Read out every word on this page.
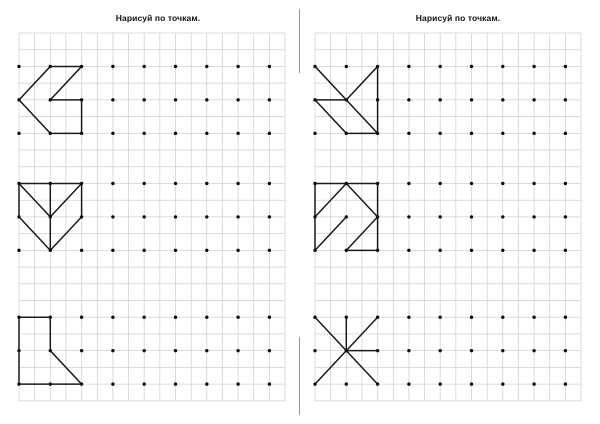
Нарисуй по точкам.	Нарисуй по точкам.
